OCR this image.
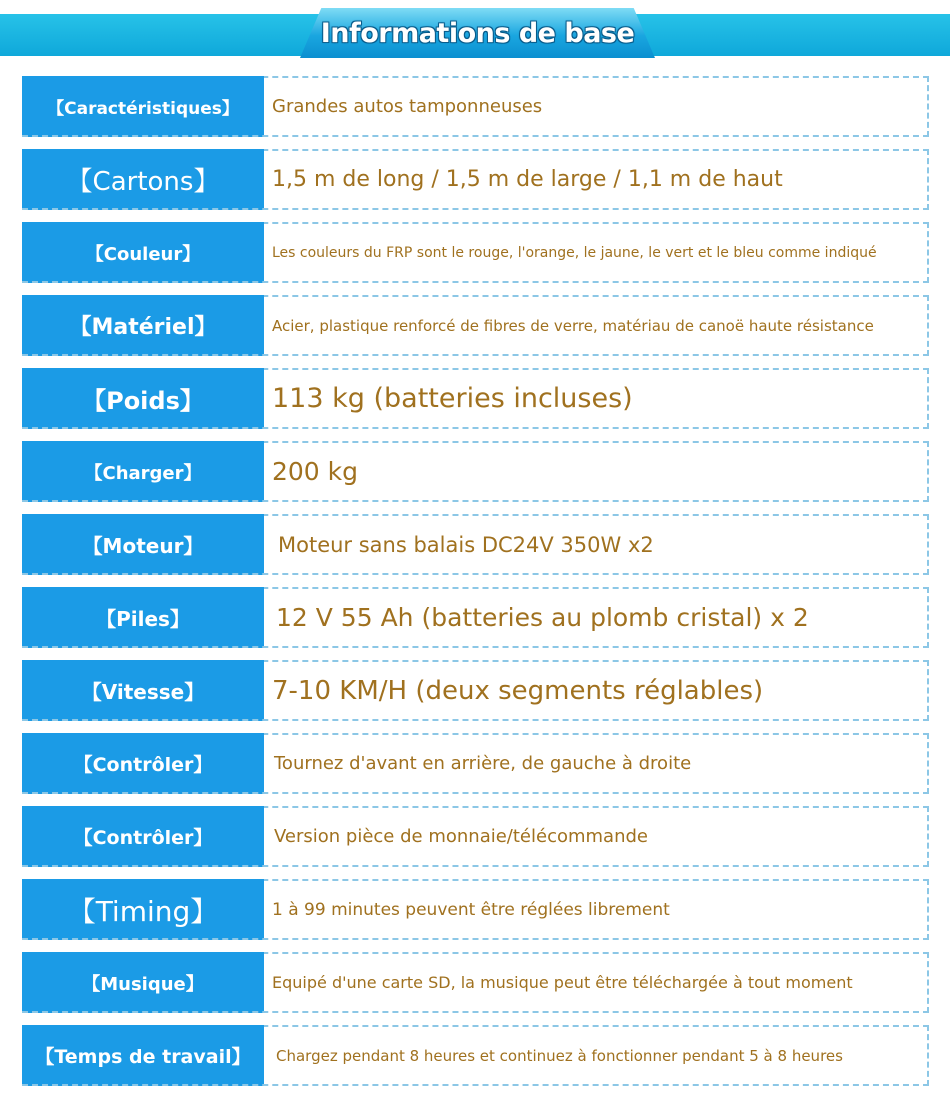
Informations de base
【Caractéristiques】	Grandes autos tamponneuses
【Cartons】	1,5 m de long / 1,5 m de large / 1,1 m de haut
【Couleur】	Les couleurs du FRP sont le rouge, l'orange, le jaune, le vert et le bleu comme indiqué
【Matériel】	Acier, plastique renforcé de fibres de verre, matériau de canoë haute résistance
【Poids】	113 kg (batteries incluses)
【Charger】	200 kg
【Moteur】	Moteur sans balais DC24V 350W x2
【Piles】	12 V 55 Ah (batteries au plomb cristal) x 2
【Vitesse】	7-10 KM/H (deux segments réglables)
【Contrôler】	Tournez d'avant en arrière, de gauche à droite
【Contrôler】	Version pièce de monnaie/télécommande
【Timing】	1 à 99 minutes peuvent être réglées librement
【Musique】	Equipé d'une carte SD, la musique peut être téléchargée à tout moment
【Temps de travail】	Chargez pendant 8 heures et continuez à fonctionner pendant 5 à 8 heures
